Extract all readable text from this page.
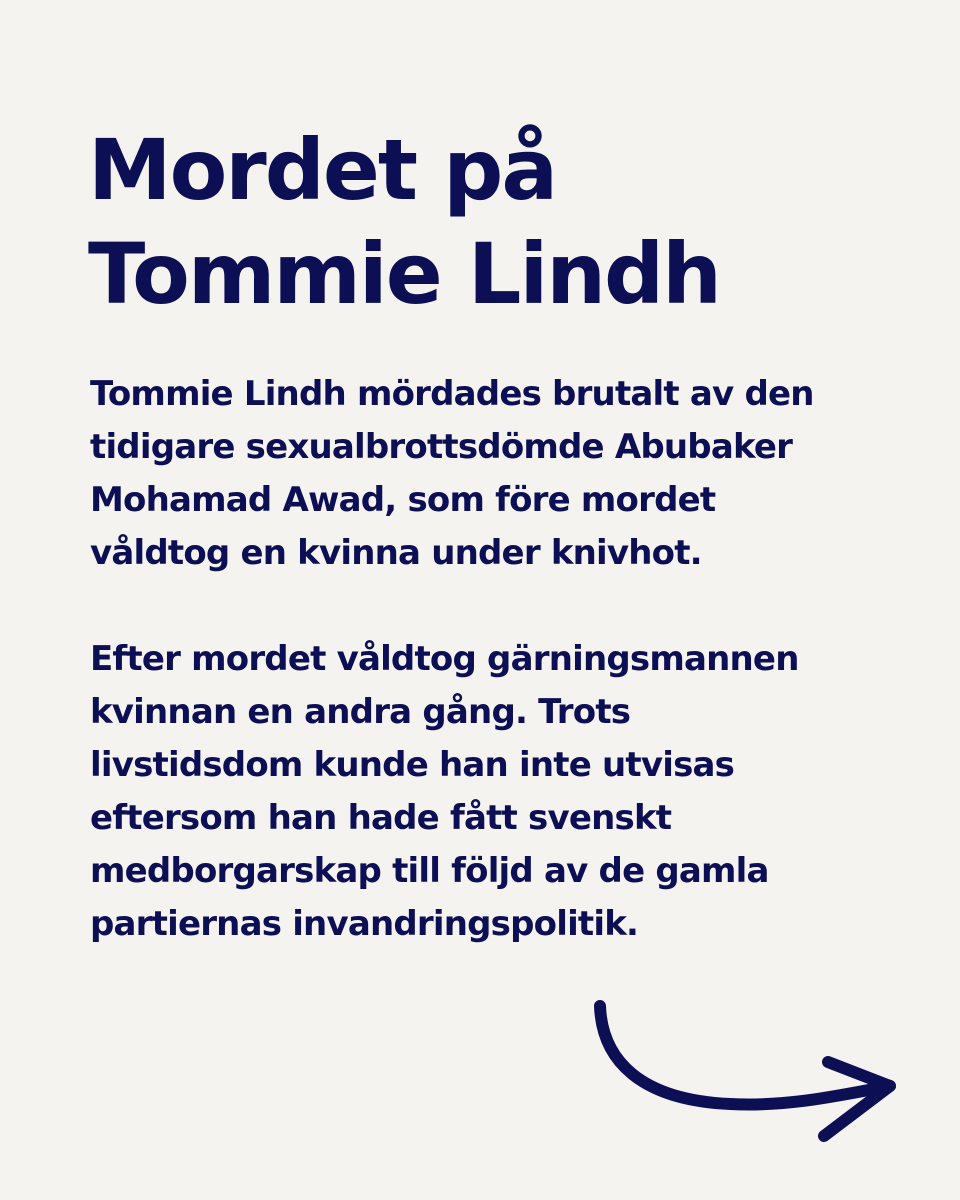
Mordet på
Tommie Lindh

Tommie Lindh mördades brutalt av den
tidigare sexualbrottsdömde Abubaker
Mohamad Awad, som före mordet
våldtog en kvinna under knivhot.

Efter mordet våldtog gärningsmannen
kvinnan en andra gång. Trots
livstidsdom kunde han inte utvisas
eftersom han hade fått svenskt
medborgarskap till följd av de gamla
partiernas invandringspolitik.
